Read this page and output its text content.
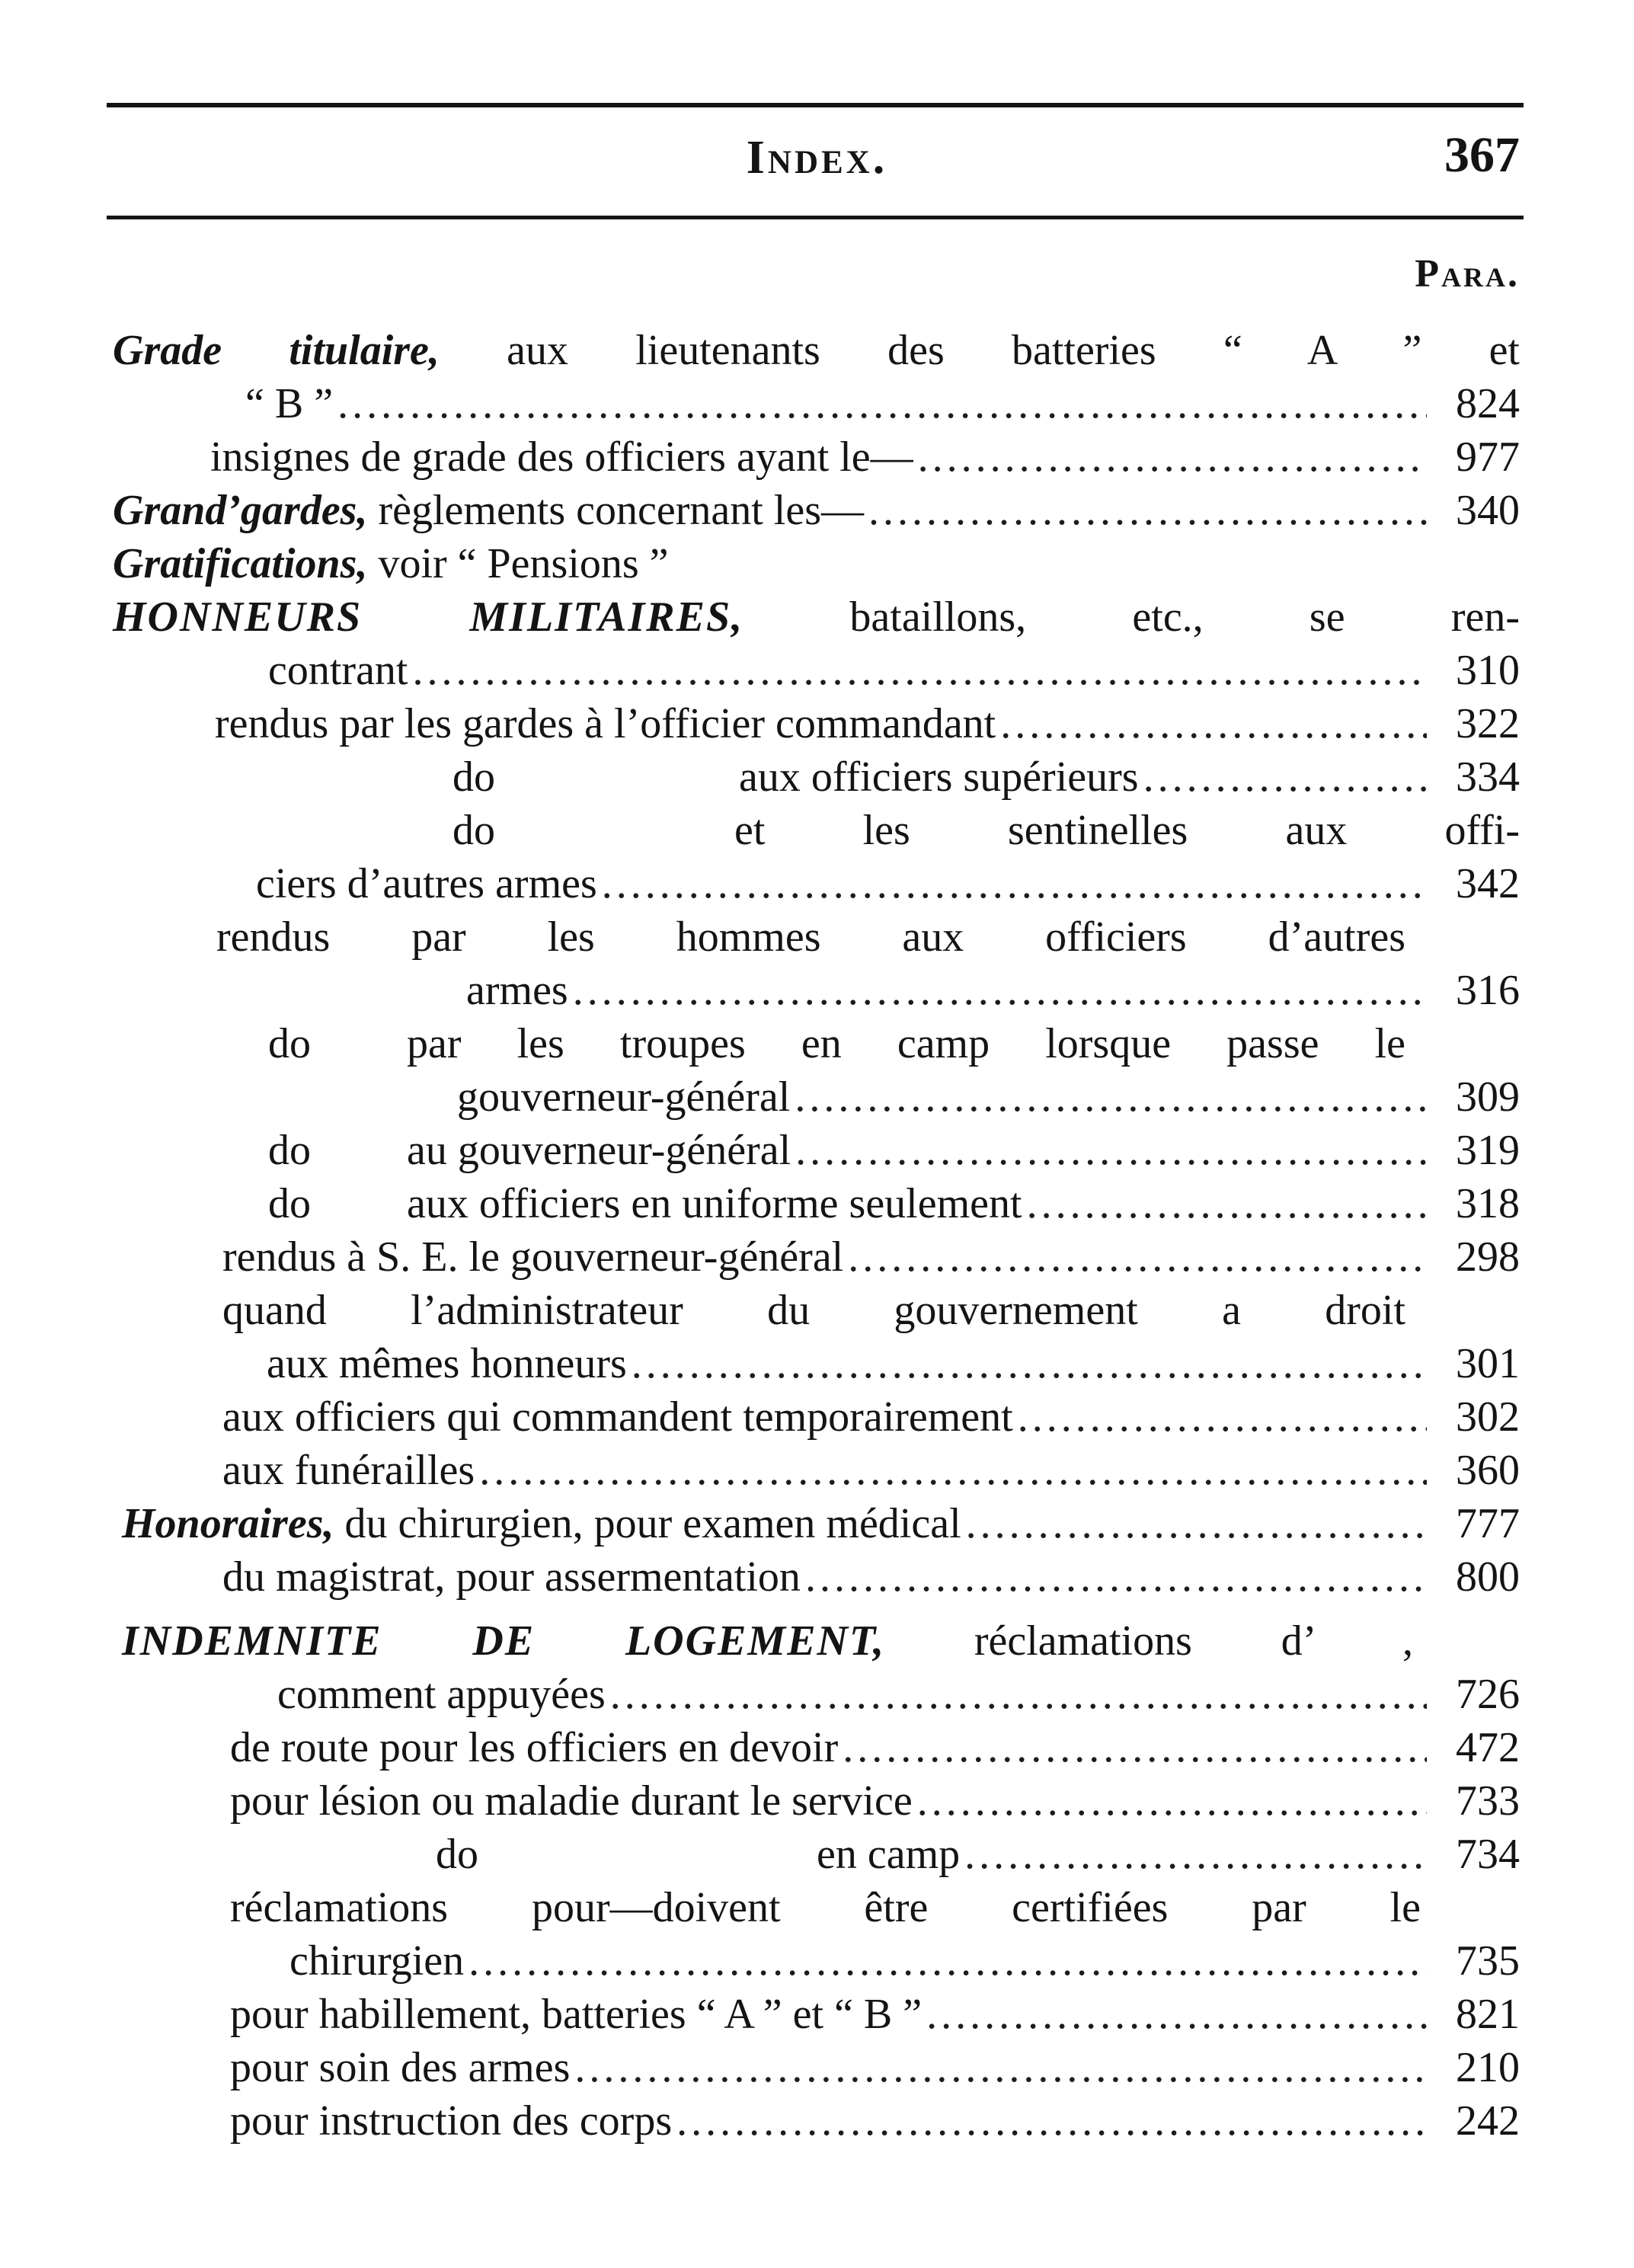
Index.	367
Para.
Grade titulaire, aux lieutenants des batteries “ A ” et
“ B ” .....	824
insignes de grade des officiers ayant le— .....	977
Grand’gardes, règlements concernant les— .....	340
Gratifications, voir “ Pensions ”
HONNEURS MILITAIRES, bataillons, etc., se ren-
contrant .....	310
rendus par les gardes à l’officier commandant .....	322
do	aux officiers supérieurs .....	334
do	et les sentinelles aux offi-
ciers d’autres armes .....	342
rendus par les hommes aux officiers d’autres
armes .....	316
do par les troupes en camp lorsque passe le
gouverneur-général .....	309
do au gouverneur-général .....	319
do aux officiers en uniforme seulement .....	318
rendus à S. E. le gouverneur-général .....	298
quand l’administrateur du gouvernement a droit
aux mêmes honneurs .....	301
aux officiers qui commandent temporairement .....	302
aux funérailles .....	360
Honoraires, du chirurgien, pour examen médical .....	777
du magistrat, pour assermentation .....	800
INDEMNITE DE LOGEMENT, réclamations d’ ,
comment appuyées .....	726
de route pour les officiers en devoir .....	472
pour lésion ou maladie durant le service .....	733
do	en camp .....	734
réclamations pour—doivent être certifiées par le
chirurgien .....	735
pour habillement, batteries “ A ” et “ B ” .....	821
pour soin des armes .....	210
pour instruction des corps .....	242
